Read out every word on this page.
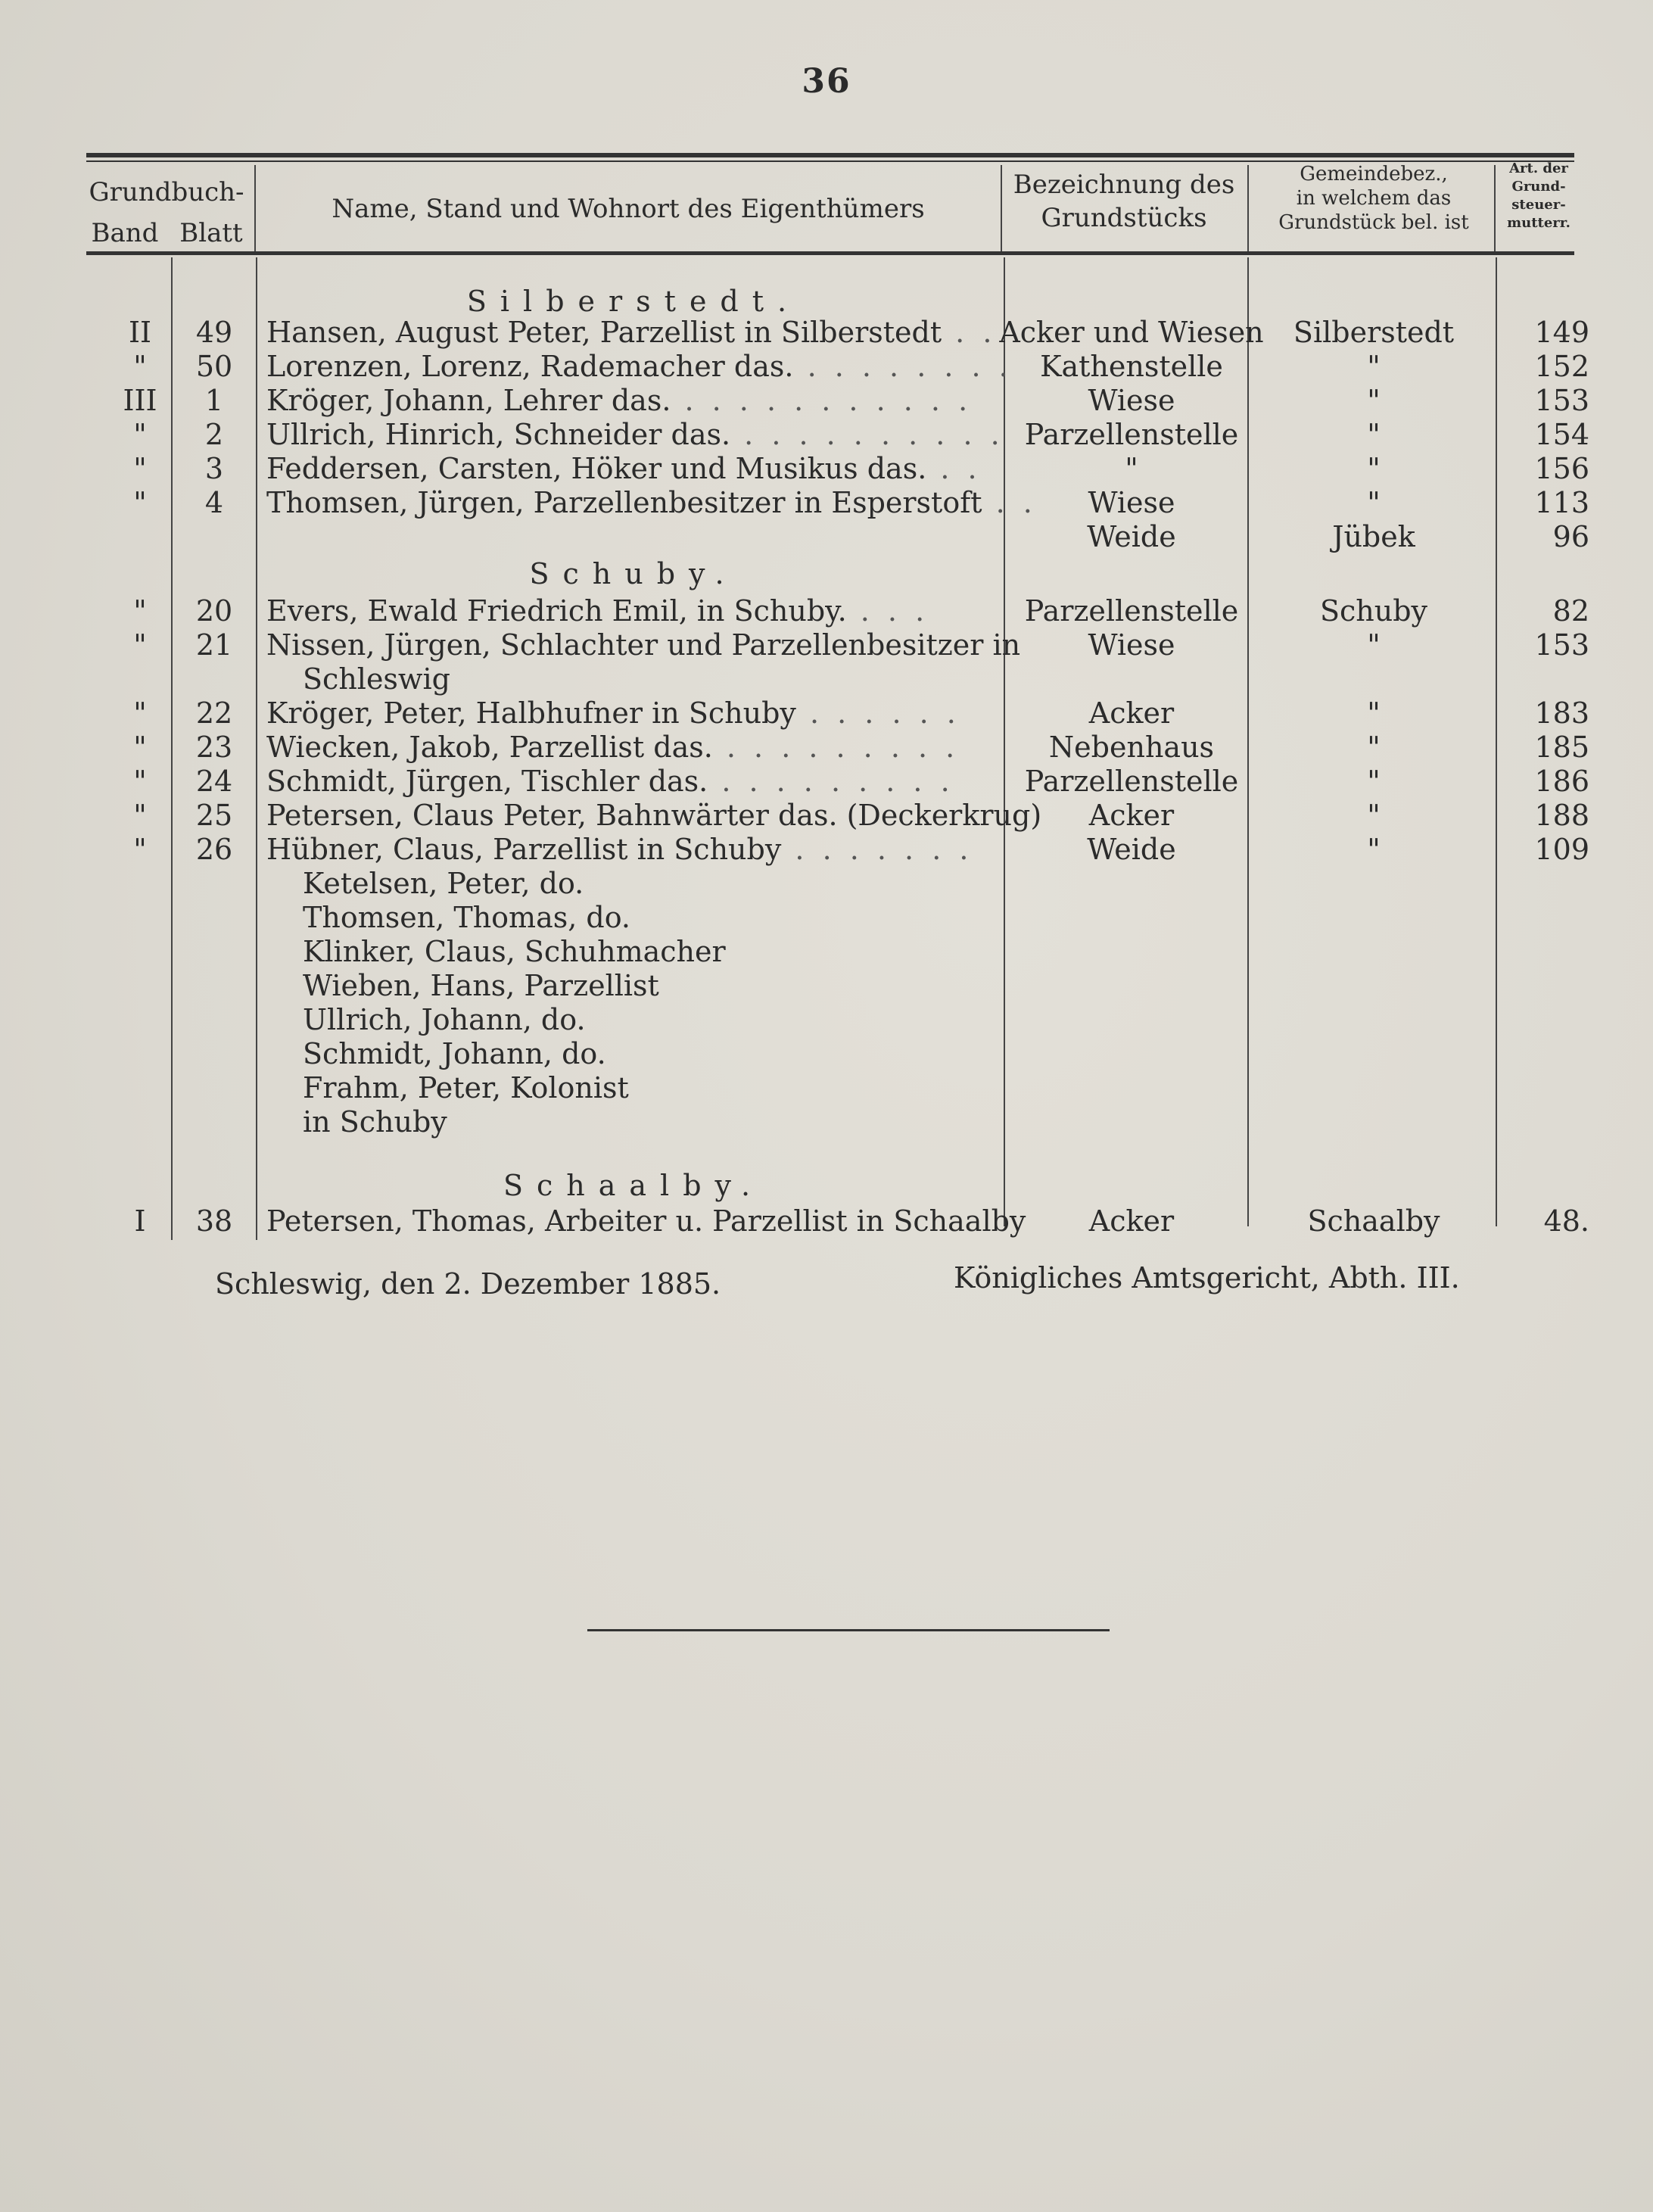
36
Grundbuch-
Band Blatt
Name, Stand und Wohnort des Eigenthümers
Bezeichnung des
Grundstücks
Gemeindebez.,
in welchem das
Grundstück bel. ist
Art. der
Grund-
steuer-
mutterr.
Silberstedt.
Schuby.
Schaalby.
II	49	Hansen, August Peter, Parzellist in Silberstedt . . Acker und Wiesen	Silberstedt	149
"	50	Lorenzen, Lorenz, Rademacher das. . . . . . . . . Kathenstelle	"	152
III	1	Kröger, Johann, Lehrer das. . . . . . . . . . . .	Wiese	"	153
"	2	Ullrich, Hinrich, Schneider das. . . . . . . . . . . Parzellenstelle	"	154
"	3	Feddersen, Carsten, Höker und Musikus das. . .	"	"	156
"	4	Thomsen, Jürgen, Parzellenbesitzer in Esperstoft . .	Wiese	"	113
Weide	Jübek	96
"	20	Evers, Ewald Friedrich Emil, in Schuby. . . .	Parzellenstelle	Schuby	82
"	21	Nissen, Jürgen, Schlachter und Parzellenbesitzer in	Wiese	"	153
Schleswig
"	22	Kröger, Peter, Halbhufner in Schuby . . . . . .	Acker	"	183
"	23	Wiecken, Jakob, Parzellist das. . . . . . . . . .	Nebenhaus	"	185
"	24	Schmidt, Jürgen, Tischler das. . . . . . . . . .	Parzellenstelle	"	186
"	25	Petersen, Claus Peter, Bahnwärter das. (Deckerkrug)	Acker	"	188
"	26	Hübner, Claus, Parzellist in Schuby . . . . . . .	Weide	"	109
Ketelsen, Peter, do.
Thomsen, Thomas, do.
Klinker, Claus, Schuhmacher
Wieben, Hans, Parzellist
Ullrich, Johann, do.
Schmidt, Johann, do.
Frahm, Peter, Kolonist
in Schuby
I	38	Petersen, Thomas, Arbeiter u. Parzellist in Schaalby	Acker	Schaalby	48.
Schleswig, den 2. Dezember 1885.	Königliches Amtsgericht, Abth. III.
